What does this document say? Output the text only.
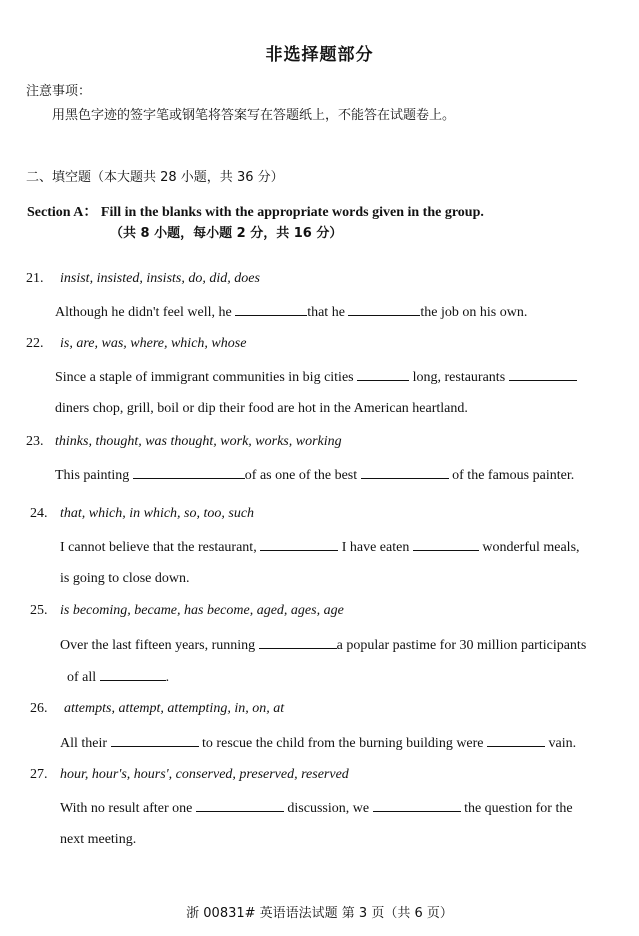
非选择题部分
注意事项：
用黑色字迹的签字笔或钢笔将答案写在答题纸上，不能答在试题卷上。
二、填空题（本大题共 28 小题，共 36 分）
Section A： Fill in the blanks with the appropriate words given in the group.
（共 8 小题，每小题 2 分，共 16 分）
21. insist, insisted, insists, do, did, does
Although he didn't feel well, he	that he	the job on his own.
22. is, are, was, where, which, whose
Since a staple of immigrant communities in big cities	long, restaurants
diners chop, grill, boil or dip their food are hot in the American heartland.
23. thinks, thought, was thought, work, works, working
This painting	of as one of the best	of the famous painter.
24. that, which, in which, so, too, such
I cannot believe that the restaurant,	I have eaten	wonderful meals,
is going to close down.
25. is becoming, became, has become, aged, ages, age
Over the last fifteen years, running	a popular pastime for 30 million participants
of all	.
26. attempts, attempt, attempting, in, on, at
All their	to rescue the child from the burning building were	vain.
27. hour, hour's, hours', conserved, preserved, reserved
With no result after one	discussion, we	the question for the
next meeting.
浙 00831# 英语语法试题 第 3 页（共 6 页）
